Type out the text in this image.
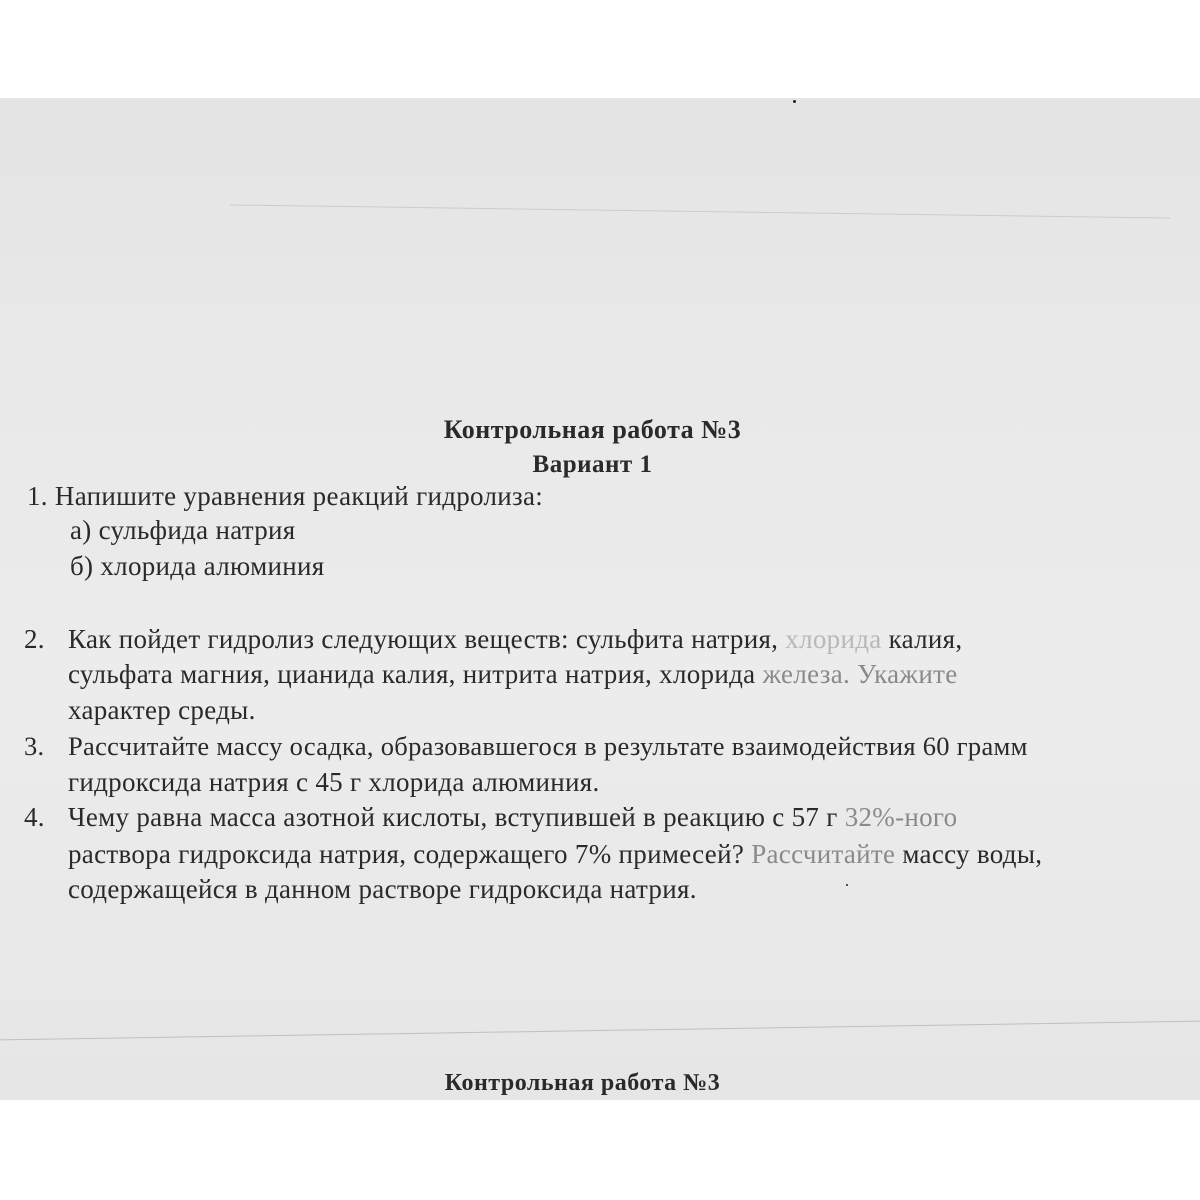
Контрольная работа №3
Вариант 1
1. Напишите уравнения реакций гидролиза:
а) сульфида натрия
б) хлорида алюминия
2. Как пойдет гидролиз следующих веществ: сульфита натрия, хлорида калия,
сульфата магния, цианида калия, нитрита натрия, хлорида железа. Укажите
характер среды.
3. Рассчитайте массу осадка, образовавшегося в результате взаимодействия 60 грамм
гидроксида натрия с 45 г хлорида алюминия.
4. Чему равна масса азотной кислоты, вступившей в реакцию с 57 г 32%-ного
раствора гидроксида натрия, содержащего 7% примесей? Рассчитайте массу воды,
содержащейся в данном растворе гидроксида натрия.
Контрольная работа №3
